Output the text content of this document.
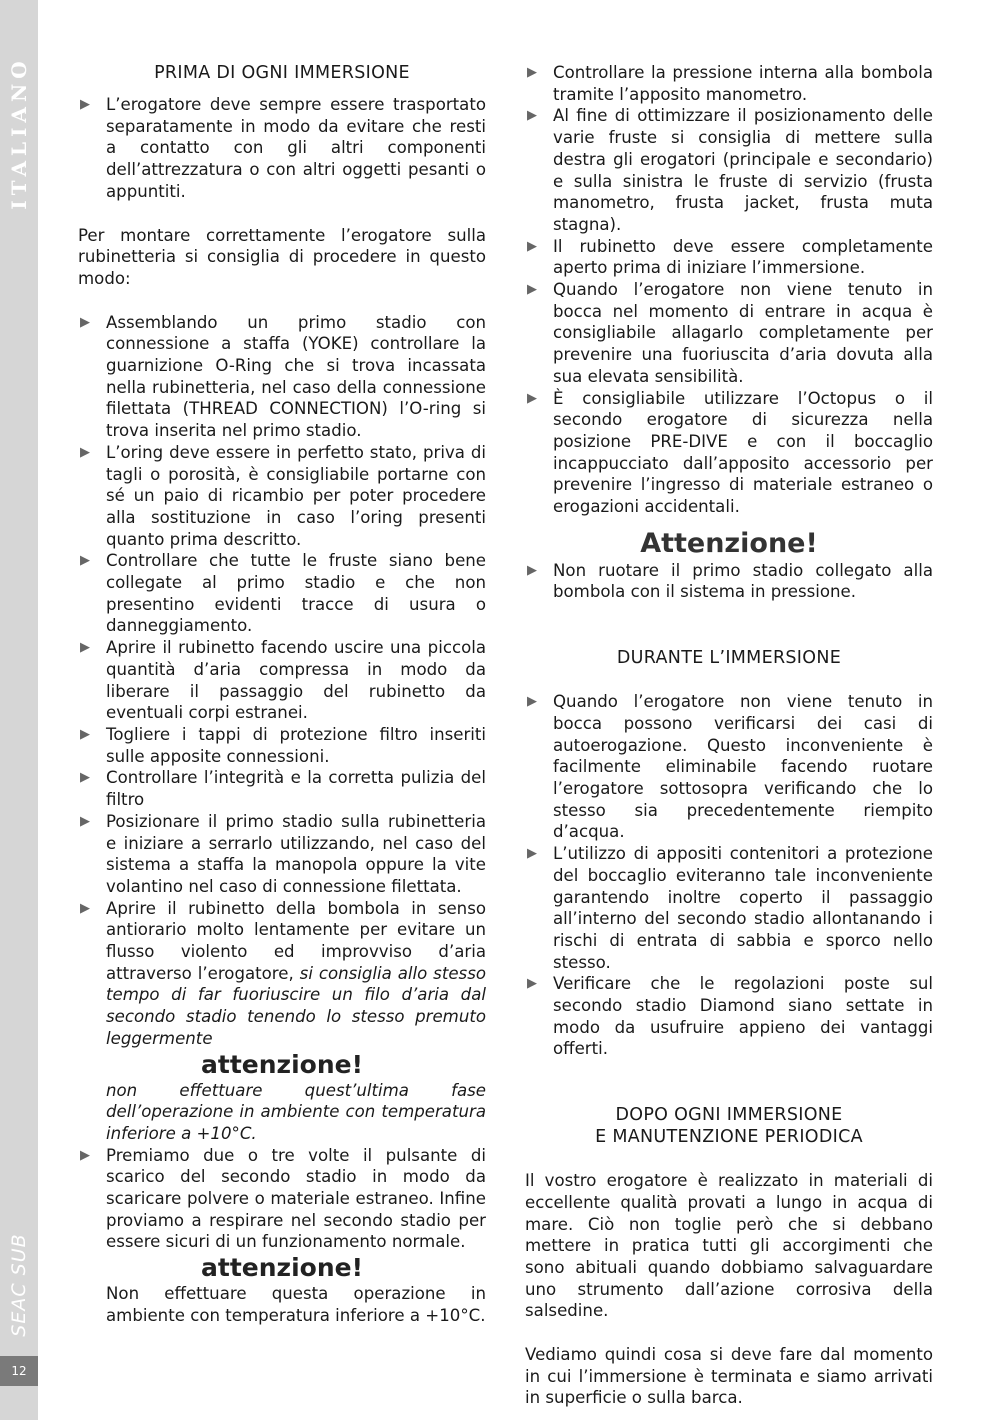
ITALIANO
SEAC SUB
12
PRIMA DI OGNI IMMERSIONE

▶ L’erogatore deve sempre essere trasportato separatamente in modo da evitare che resti a contatto con gli altri componenti dell’attrezzatura o con altri oggetti pesanti o appuntiti.

Per montare correttamente l’erogatore sulla rubinetteria si consiglia di procedere in questo modo:

▶ Assemblando un primo stadio con connessione a staffa (YOKE) controllare la guarnizione O-Ring che si trova incassata nella rubinetteria, nel caso della connessione filettata (THREAD CONNECTION) l’O-ring si trova inserita nel primo stadio.

▶ L’oring deve essere in perfetto stato, priva di tagli o porosità, è consigliabile portarne con sé un paio di ricambio per poter procedere alla sostituzione in caso l’oring presenti quanto prima descritto.

▶ Controllare che tutte le fruste siano bene collegate al primo stadio e che non presentino evidenti tracce di usura o danneggiamento.

▶ Aprire il rubinetto facendo uscire una piccola quantità d’aria compressa in modo da liberare il passaggio del rubinetto da eventuali corpi estranei.

▶ Togliere i tappi di protezione filtro inseriti sulle apposite connessioni.

▶ Controllare l’integrità e la corretta pulizia del filtro

▶ Posizionare il primo stadio sulla rubinetteria e iniziare a serrarlo utilizzando, nel caso del sistema a staffa la manopola oppure la vite volantino nel caso di connessione filettata.

▶ Aprire il rubinetto della bombola in senso antiorario molto lentamente per evitare un flusso violento ed improvviso d’aria attraverso l’erogatore, si consiglia allo stesso tempo di far fuoriuscire un filo d’aria dal secondo stadio tenendo lo stesso premuto leggermente

attenzione!

non effettuare quest’ultima fase dell’operazione in ambiente con temperatura inferiore a +10°C.

▶ Premiamo due o tre volte il pulsante di scarico del secondo stadio in modo da scaricare polvere o materiale estraneo. Infine proviamo a respirare nel secondo stadio per essere sicuri di un funzionamento normale.

attenzione!

Non effettuare questa operazione in ambiente con temperatura inferiore a +10°C.

▶ Controllare la pressione interna alla bombola tramite l’apposito manometro.

▶ Al fine di ottimizzare il posizionamento delle varie fruste si consiglia di mettere sulla destra gli erogatori (principale e secondario) e sulla sinistra le fruste di servizio (frusta manometro, frusta jacket, frusta muta stagna).

▶ Il rubinetto deve essere completamente aperto prima di iniziare l’immersione.

▶ Quando l’erogatore non viene tenuto in bocca nel momento di entrare in acqua è consigliabile allagarlo completamente per prevenire una fuoriuscita d’aria dovuta alla sua elevata sensibilità.

▶ È consigliabile utilizzare l’Octopus o il secondo erogatore di sicurezza nella posizione PRE-DIVE e con il boccaglio incappucciato dall’apposito accessorio per prevenire l’ingresso di materiale estraneo o erogazioni accidentali.

Attenzione!

▶ Non ruotare il primo stadio collegato alla bombola con il sistema in pressione.

DURANTE L’IMMERSIONE

▶ Quando l’erogatore non viene tenuto in bocca possono verificarsi dei casi di autoerogazione. Questo inconveniente è facilmente eliminabile facendo ruotare l’erogatore sottosopra verificando che lo stesso sia precedentemente riempito d’acqua.

▶ L’utilizzo di appositi contenitori a protezione del boccaglio eviteranno tale inconveniente garantendo inoltre coperto il passaggio all’interno del secondo stadio allontanando i rischi di entrata di sabbia e sporco nello stesso.

▶ Verificare che le regolazioni poste sul secondo stadio Diamond siano settate in modo da usufruire appieno dei vantaggi offerti.

DOPO OGNI IMMERSIONE
E MANUTENZIONE PERIODICA

Il vostro erogatore è realizzato in materiali di eccellente qualità provati a lungo in acqua di mare. Ciò non toglie però che si debbano mettere in pratica tutti gli accorgimenti che sono abituali quando dobbiamo salvaguardare uno strumento dall’azione corrosiva della salsedine.

Vediamo quindi cosa si deve fare dal momento in cui l’immersione è terminata e siamo arrivati in superficie o sulla barca.
